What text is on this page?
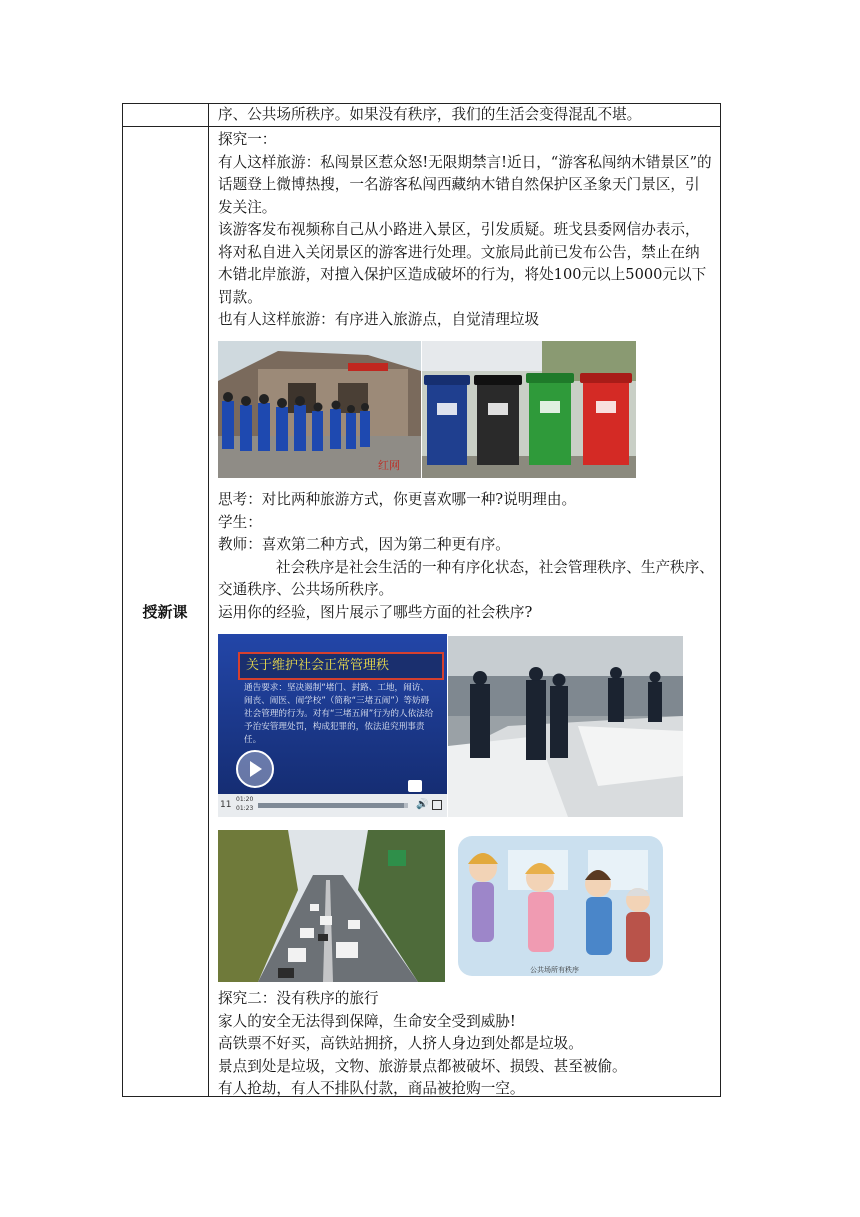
序、公共场所秩序。如果没有秩序，我们的生活会变得混乱不堪。

授新课

探究一：

有人这样旅游：私闯景区惹众怒!无限期禁言!近日，“游客私闯纳木错景区”的话题登上微博热搜，一名游客私闯西藏纳木错自然保护区圣象天门景区，引发关注。

该游客发布视频称自己从小路进入景区，引发质疑。班戈县委网信办表示，将对私自进入关闭景区的游客进行处理。文旅局此前已发布公告，禁止在纳木错北岸旅游，对擅入保护区造成破坏的行为，将处100元以上5000元以下罚款。

也有人这样旅游：有序进入旅游点，自觉清理垃圾

红网

思考：对比两种旅游方式，你更喜欢哪一种?说明理由。

学生：

教师：喜欢第二种方式，因为第二种更有序。

社会秩序是社会生活的一种有序化状态，社会管理秩序、生产秩序、交通秩序、公共场所秩序。

运用你的经验，图片展示了哪些方面的社会秩序?

关于维护社会正常管理秩
通告要求：坚决遏制“堵门、封路、工地，闹访、闹丧、闹医、闹学校”（简称“三堵五闹”）等妨碍社会管理的行为。对有“三堵五闹”行为的人依法给予治安管理处罚，构成犯罪的，依法追究刑事责任。
11
01:20
01:23	🔊
公共场所有秩序

探究二：没有秩序的旅行

家人的安全无法得到保障，生命安全受到威胁!

高铁票不好买，高铁站拥挤，人挤人身边到处都是垃圾。

景点到处是垃圾，文物、旅游景点都被破坏、损毁、甚至被偷。

有人抢劫，有人不排队付款，商品被抢购一空。
